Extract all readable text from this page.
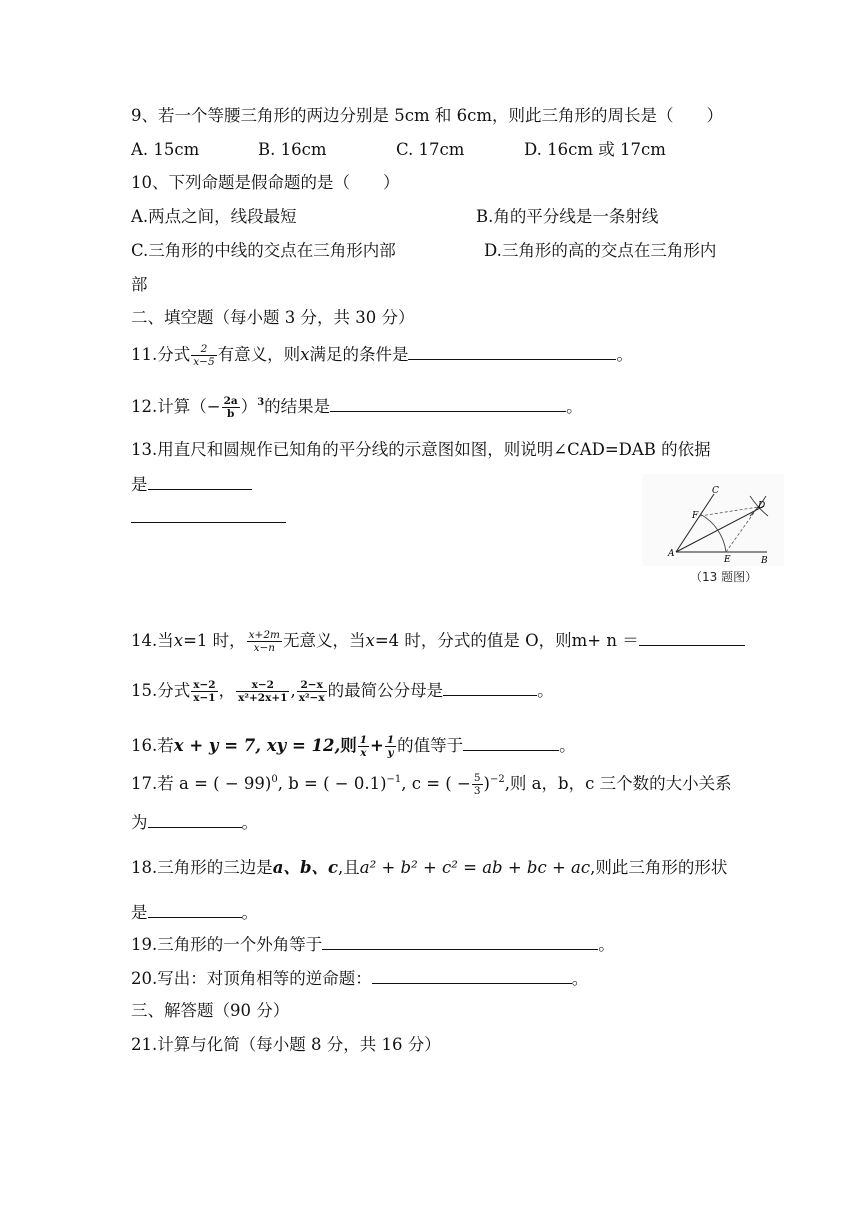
9、若一个等腰三角形的两边分别是 5cm 和 6cm，则此三角形的周长是（　　）
A. 15cm	B. 16cm	C. 17cm	D. 16cm 或 17cm
10、下列命题是假命题的是（　　）
A.两点之间，线段最短	B.角的平分线是一条射线
C.三角形的中线的交点在三角形内部	D.三角形的高的交点在三角形内
部
二、填空题（每小题 3 分，共 30 分）
11.分式 $\frac{2}{x-5}$ 有意义，则x满足的条件是	。
12.计算（− $\frac{2a}{b} )^3$的结果是	。
13.用直尺和圆规作已知角的平分线的示意图如图，则说明∠CAD=DAB 的依据
是
A
B
C
D
E
F
（13 题图）
14.当x=1 时， $\frac{x+2m}{x-n}$ 无意义，当x=4 时，分式的值是 O，则m+ n ＝
15.分式 $\frac{x-2}{x-1}$ ， $\frac{x-2}{\text{x²+2x+1}}$ , $\frac{2-x}{\text{x²−x}}$ 的最简公分母是	。
16.若x + y = 7, xy = 12,则 $\frac{1}{x} + \frac{1}{y}$ 的值等于	。
17.若 a = ( − 99)$^0$, b = ( − 0.1)$^{-1}$, c = ( − $\frac{5}{3} )^{-2}$,则 a，b，c 三个数的大小关系
为	。
18.三角形的三边是a、b、c,且a² + b² + c² = ab + bc + ac,则此三角形的形状
是	。
19.三角形的一个外角等于	。
20.写出：对顶角相等的逆命题：	。
三、解答题（90 分）
21.计算与化简（每小题 8 分，共 16 分）
